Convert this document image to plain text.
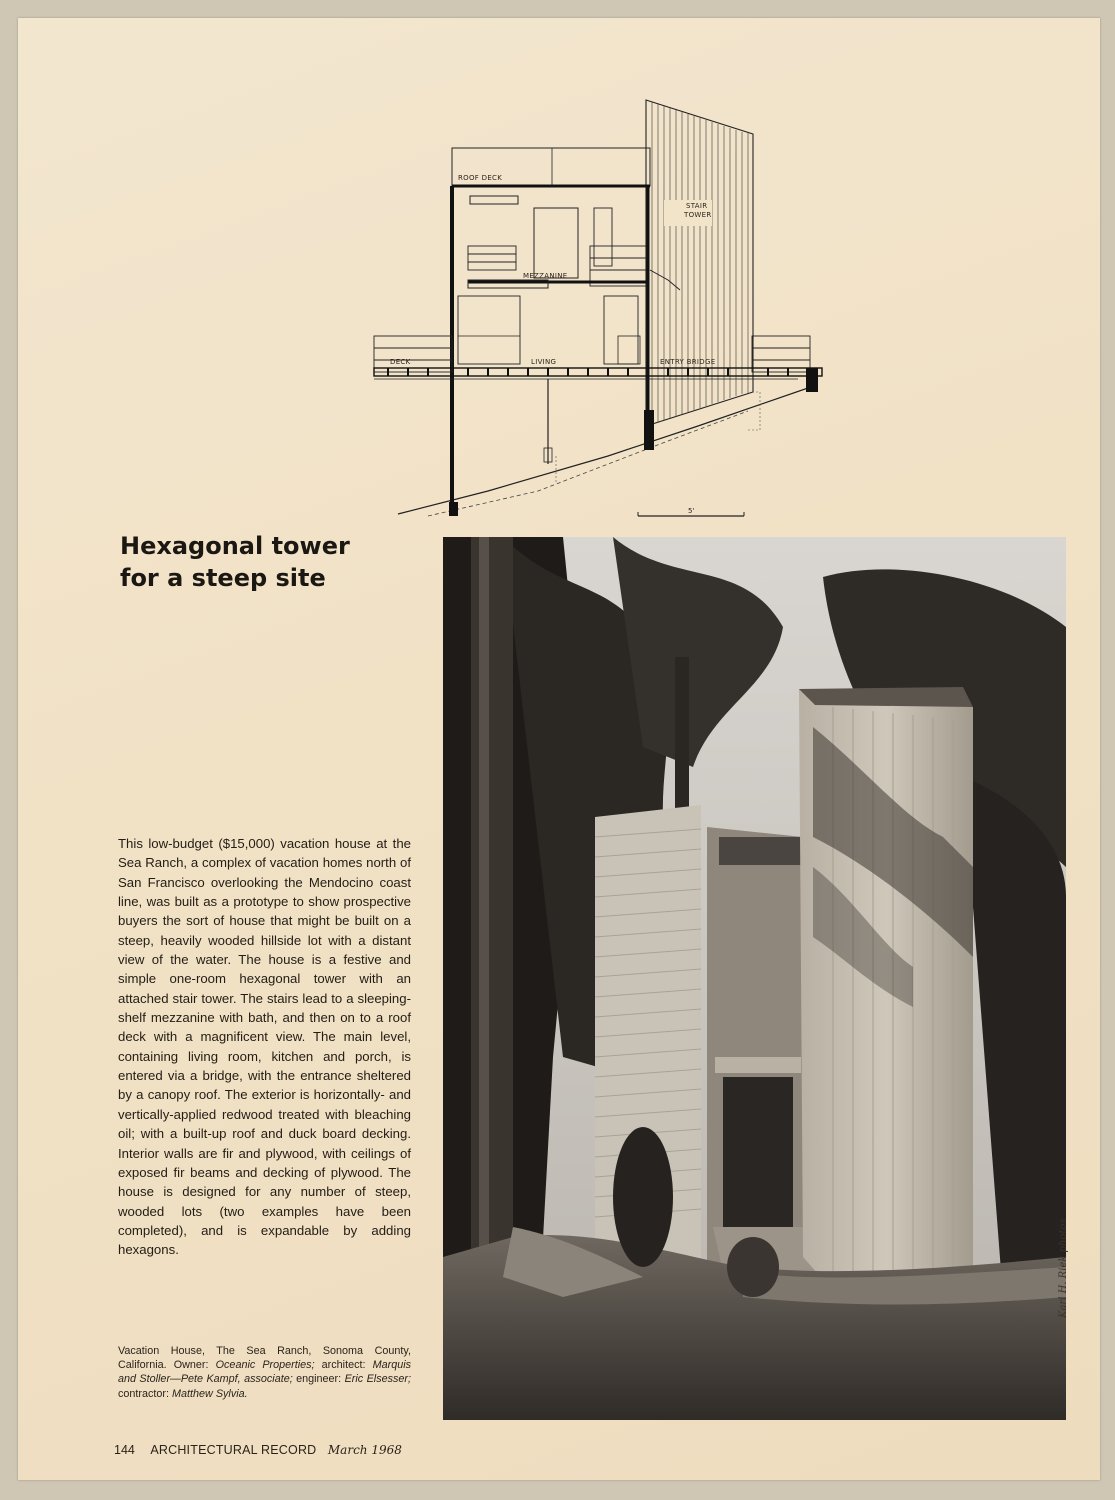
STAIR
TOWER
ROOF DECK
MEZZANINE
DECK	LIVING	ENTRY BRIDGE
5'
Hexagonal tower
for a steep site
Karl H. Riek photos

This low-budget ($15,000) vacation house at the Sea Ranch, a complex of vacation homes north of San Francisco overlooking the Mendocino coast line, was built as a prototype to show prospective buyers the sort of house that might be built on a steep, heavily wooded hillside lot with a distant view of the water. The house is a festive and simple one-room hexagonal tower with an attached stair tower. The stairs lead to a sleeping-shelf mezzanine with bath, and then on to a roof deck with a magnificent view. The main level, containing living room, kitchen and porch, is entered via a bridge, with the entrance sheltered by a canopy roof. The exterior is horizontally- and vertically-applied redwood treated with bleaching oil; with a built-up roof and duck board decking. Interior walls are fir and plywood, with ceilings of exposed fir beams and decking of plywood. The house is designed for any number of steep, wooded lots (two examples have been completed), and is expandable by adding hexagons.

Vacation House, The Sea Ranch, Sonoma County, California. Owner: Oceanic Properties; architect: Marquis and Stoller—Pete Kampf, associate; engineer: Eric Elsesser; contractor: Matthew Sylvia.

144 ARCHITECTURAL RECORD March 1968
